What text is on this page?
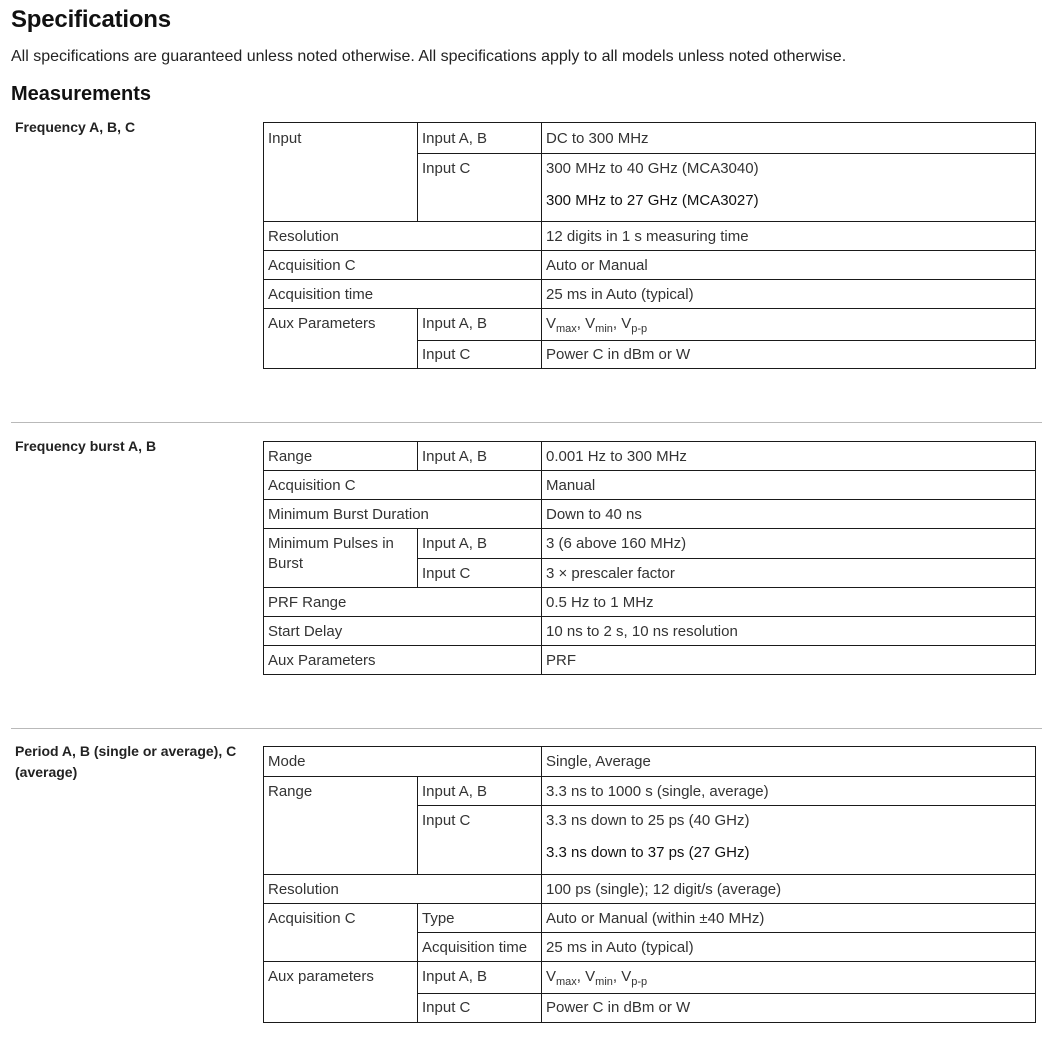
Specifications

All specifications are guaranteed unless noted otherwise. All specifications apply to all models unless noted otherwise.

Measurements
Frequency A, B, C
Input	Input A, B	DC to 300 MHz
	Input C	300 MHz to 40 GHz (MCA3040)
300 MHz to 27 GHz (MCA3027)

Resolution		12 digits in 1 s measuring time
Acquisition C		Auto or Manual
Acquisition time		25 ms in Auto (typical)
Aux Parameters	Input A, B	$V_{max}$, $V_{min}$, $V_{p-p}$
	Input C	Power C in dBm or W
Frequency burst A, B
Range	Input A, B	0.001 Hz to 300 MHz
Acquisition C		Manual
Minimum Burst Duration		Down to 40 ns
Minimum Pulses in Burst	Input A, B	3 (6 above 160 MHz)
	Input C	3 × prescaler factor
PRF Range		0.5 Hz to 1 MHz
Start Delay		10 ns to 2 s, 10 ns resolution
Aux Parameters		PRF
Period A, B (single or average), C (average)
Mode		Single, Average
Range	Input A, B	3.3 ns to 1000 s (single, average)
	Input C	3.3 ns down to 25 ps (40 GHz)
3.3 ns down to 37 ps (27 GHz)

Resolution		100 ps (single); 12 digit/s (average)
Acquisition C	Type	Auto or Manual (within ±40 MHz)
	Acquisition time	25 ms in Auto (typical)
Aux parameters	Input A, B	$V_{max}$, $V_{min}$, $V_{p-p}$
	Input C	Power C in dBm or W
